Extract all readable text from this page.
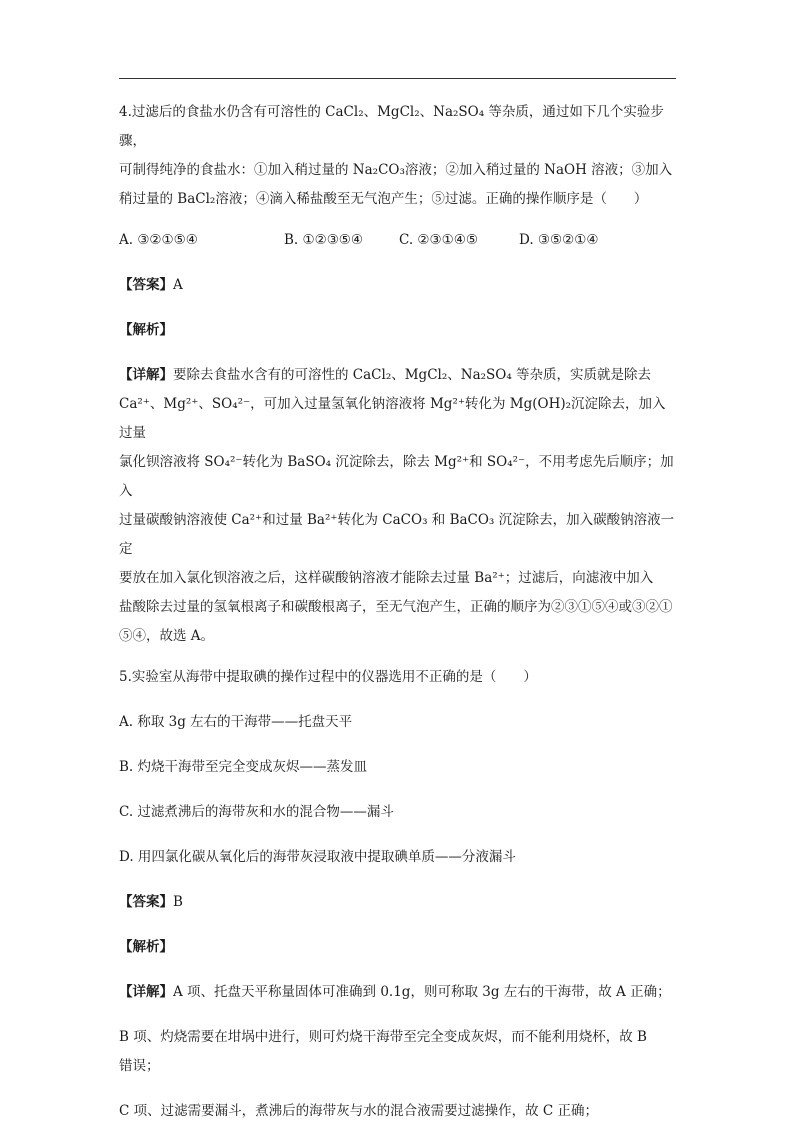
4.过滤后的食盐水仍含有可溶性的 CaCl₂、MgCl₂、Na₂SO₄ 等杂质，通过如下几个实验步骤，

可制得纯净的食盐水：①加入稍过量的 Na₂CO₃溶液；②加入稍过量的 NaOH 溶液；③加入

稍过量的 BaCl₂溶液；④滴入稀盐酸至无气泡产生；⑤过滤。正确的操作顺序是（　　）

A. ③②①⑤④	B. ①②③⑤④	C. ②③①④⑤	D. ③⑤②①④

【答案】A

【解析】

【详解】要除去食盐水含有的可溶性的 CaCl₂、MgCl₂、Na₂SO₄ 等杂质，实质就是除去

Ca²⁺、Mg²⁺、SO₄²⁻，可加入过量氢氧化钠溶液将 Mg²⁺转化为 Mg(OH)₂沉淀除去，加入过量

氯化钡溶液将 SO₄²⁻转化为 BaSO₄ 沉淀除去，除去 Mg²⁺和 SO₄²⁻，不用考虑先后顺序；加入

过量碳酸钠溶液使 Ca²⁺和过量 Ba²⁺转化为 CaCO₃ 和 BaCO₃ 沉淀除去，加入碳酸钠溶液一定

要放在加入氯化钡溶液之后，这样碳酸钠溶液才能除去过量 Ba²⁺；过滤后，向滤液中加入

盐酸除去过量的氢氧根离子和碳酸根离子，至无气泡产生，正确的顺序为②③①⑤④或③②①

⑤④，故选 A。

5.实验室从海带中提取碘的操作过程中的仪器选用不正确的是（　　）

A. 称取 3g 左右的干海带——托盘天平

B. 灼烧干海带至完全变成灰烬——蒸发皿

C. 过滤煮沸后的海带灰和水的混合物——漏斗

D. 用四氯化碳从氧化后的海带灰浸取液中提取碘单质——分液漏斗

【答案】B

【解析】

【详解】A 项、托盘天平称量固体可准确到 0.1g，则可称取 3g 左右的干海带，故 A 正确；

B 项、灼烧需要在坩埚中进行，则可灼烧干海带至完全变成灰烬，而不能利用烧杯，故 B

错误；

C 项、过滤需要漏斗，煮沸后的海带灰与水的混合液需要过滤操作，故 C 正确；
